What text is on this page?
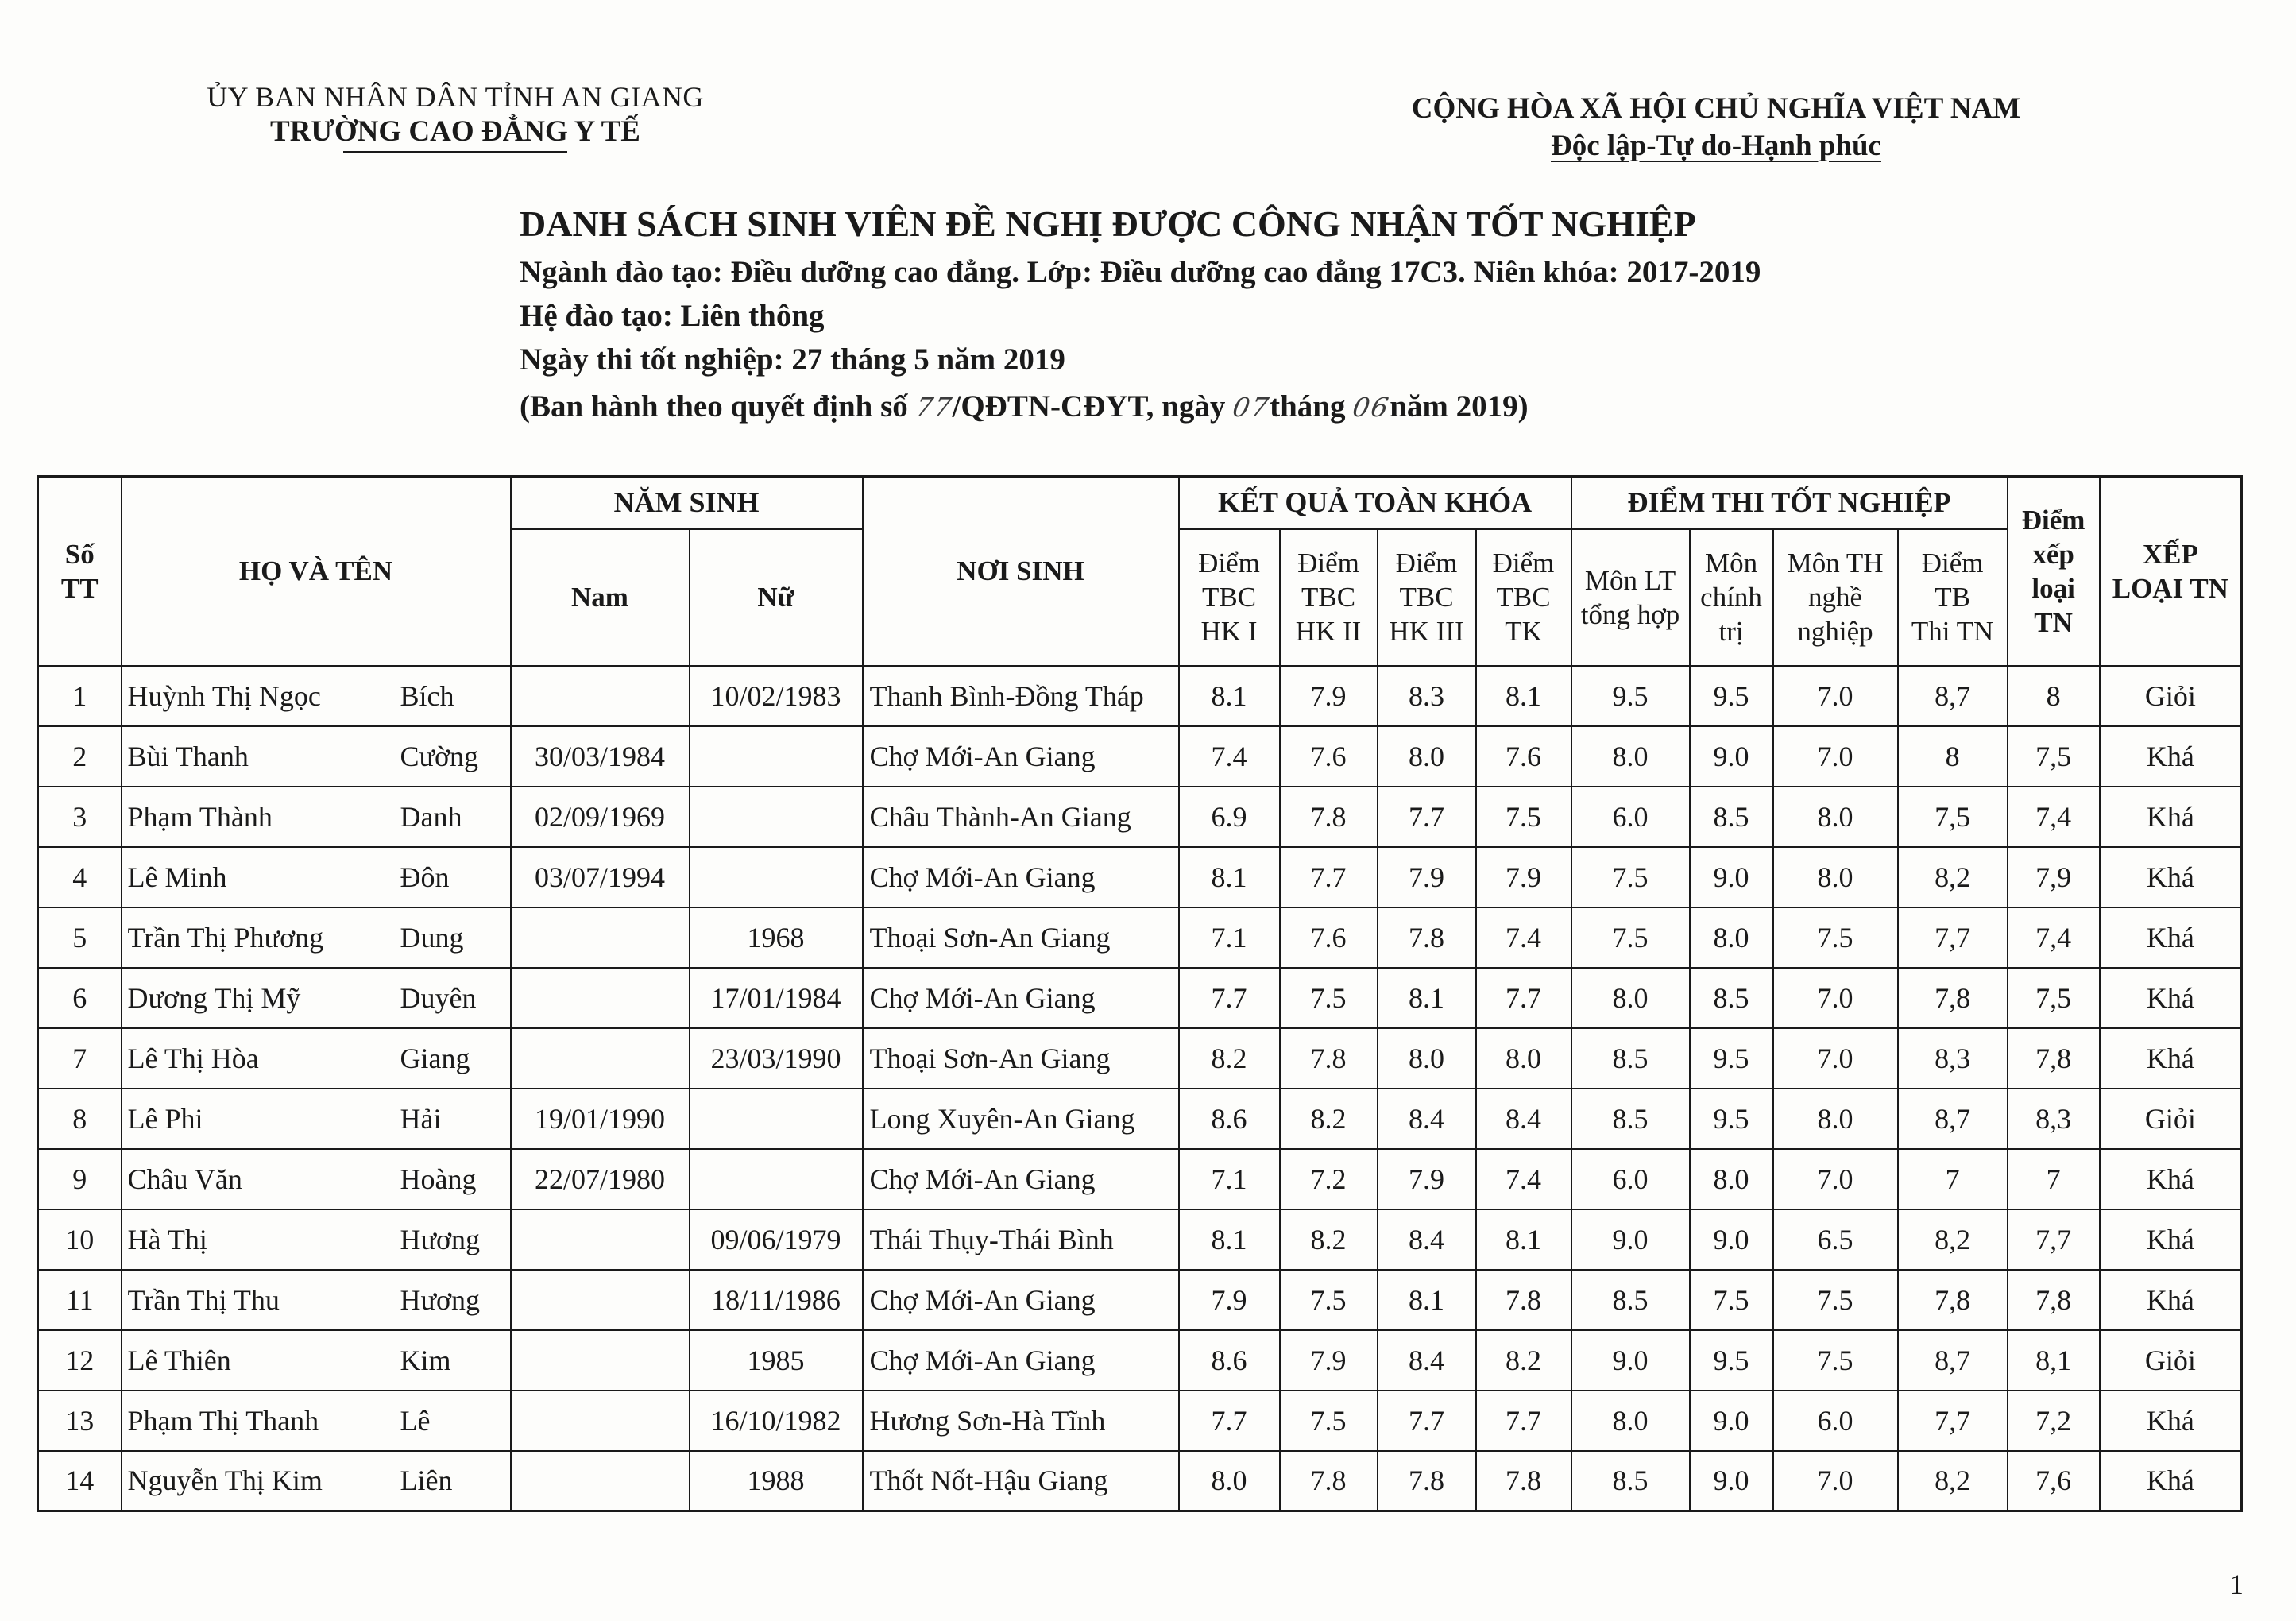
ỦY BAN NHÂN DÂN TỈNH AN GIANG
TRƯỜNG CAO ĐẲNG Y TẾ
CỘNG HÒA XÃ HỘI CHỦ NGHĨA VIỆT NAM
Độc lập-Tự do-Hạnh phúc
DANH SÁCH SINH VIÊN ĐỀ NGHỊ ĐƯỢC CÔNG NHẬN TỐT NGHIỆP
Ngành đào tạo: Điều dưỡng cao đẳng. Lớp: Điều dưỡng cao đẳng 17C3. Niên khóa: 2017-2019
Hệ đào tạo: Liên thông
Ngày thi tốt nghiệp: 27 tháng 5 năm 2019
(Ban hành theo quyết định số 77/QĐTN-CĐYT, ngày 07tháng 06năm 2019)
Số
TT	HỌ VÀ TÊN	NĂM SINH		NƠI SINH	KẾT QUẢ TOÀN KHÓA				ĐIỂM THI TỐT NGHIỆP				Điểm
xếp
loại
TN	XẾP
LOẠI TN
		Nam	Nữ		Điểm
TBC
HK I	Điểm
TBC
HK II	Điểm
TBC
HK III	Điểm
TBC
TK	Môn LT
tổng hợp	Môn
chính
trị	Môn TH
nghề
nghiệp	Điểm
TB
Thi TN		
1	Huỳnh Thị Ngọc Bích		10/02/1983	Thanh Bình-Đồng Tháp	8.1	7.9	8.3	8.1	9.5	9.5	7.0	8,7	8	Giỏi
2	Bùi Thanh Cường	30/03/1984		Chợ Mới-An Giang	7.4	7.6	8.0	7.6	8.0	9.0	7.0	8	7,5	Khá
3	Phạm Thành Danh	02/09/1969		Châu Thành-An Giang	6.9	7.8	7.7	7.5	6.0	8.5	8.0	7,5	7,4	Khá
4	Lê Minh Đôn	03/07/1994		Chợ Mới-An Giang	8.1	7.7	7.9	7.9	7.5	9.0	8.0	8,2	7,9	Khá
5	Trần Thị Phương Dung		1968	Thoại Sơn-An Giang	7.1	7.6	7.8	7.4	7.5	8.0	7.5	7,7	7,4	Khá
6	Dương Thị Mỹ Duyên		17/01/1984	Chợ Mới-An Giang	7.7	7.5	8.1	7.7	8.0	8.5	7.0	7,8	7,5	Khá
7	Lê Thị Hòa Giang		23/03/1990	Thoại Sơn-An Giang	8.2	7.8	8.0	8.0	8.5	9.5	7.0	8,3	7,8	Khá
8	Lê Phi Hải	19/01/1990		Long Xuyên-An Giang	8.6	8.2	8.4	8.4	8.5	9.5	8.0	8,7	8,3	Giỏi
9	Châu Văn Hoàng	22/07/1980		Chợ Mới-An Giang	7.1	7.2	7.9	7.4	6.0	8.0	7.0	7	7	Khá
10	Hà Thị Hương		09/06/1979	Thái Thụy-Thái Bình	8.1	8.2	8.4	8.1	9.0	9.0	6.5	8,2	7,7	Khá
11	Trần Thị Thu Hương		18/11/1986	Chợ Mới-An Giang	7.9	7.5	8.1	7.8	8.5	7.5	7.5	7,8	7,8	Khá
12	Lê Thiên Kim		1985	Chợ Mới-An Giang	8.6	7.9	8.4	8.2	9.0	9.5	7.5	8,7	8,1	Giỏi
13	Phạm Thị Thanh Lê		16/10/1982	Hương Sơn-Hà Tĩnh	7.7	7.5	7.7	7.7	8.0	9.0	6.0	7,7	7,2	Khá
14	Nguyễn Thị Kim Liên		1988	Thốt Nốt-Hậu Giang	8.0	7.8	7.8	7.8	8.5	9.0	7.0	8,2	7,6	Khá
1
